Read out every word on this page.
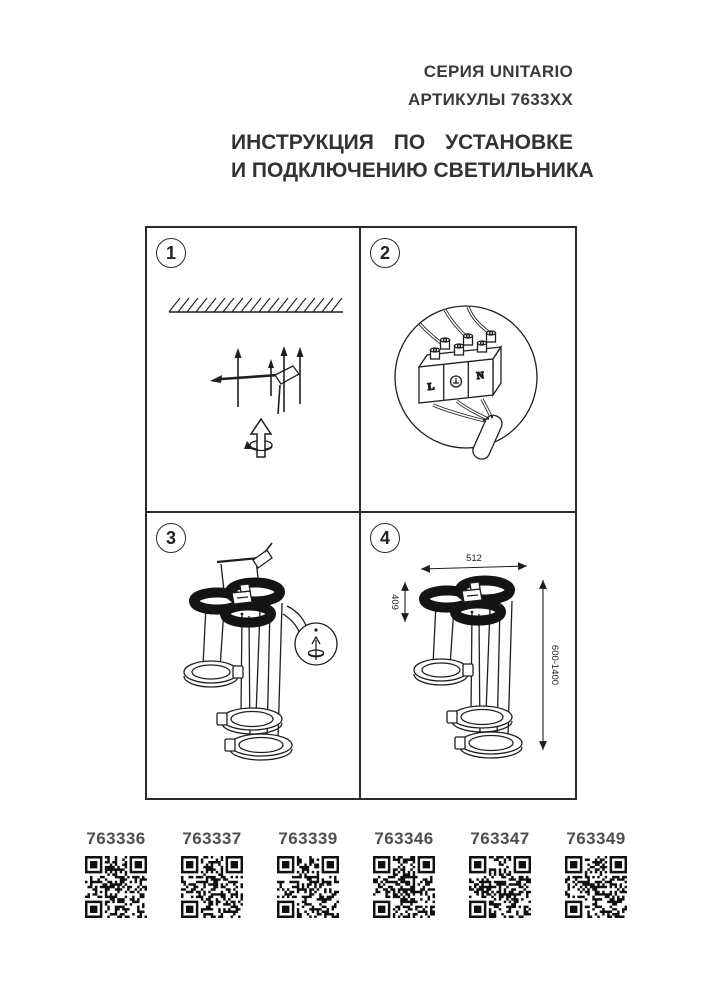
СЕРИЯ UNITARIO
АРТИКУЛЫ 7633ХХ
ИНСТРУКЦИЯ ПО УСТАНОВКЕ
И ПОДКЛЮЧЕНИЮ СВЕТИЛЬНИКА
1	2
L
N
3	4
512
409
600-1400
763336 763337 763339 763346 763347 763349
